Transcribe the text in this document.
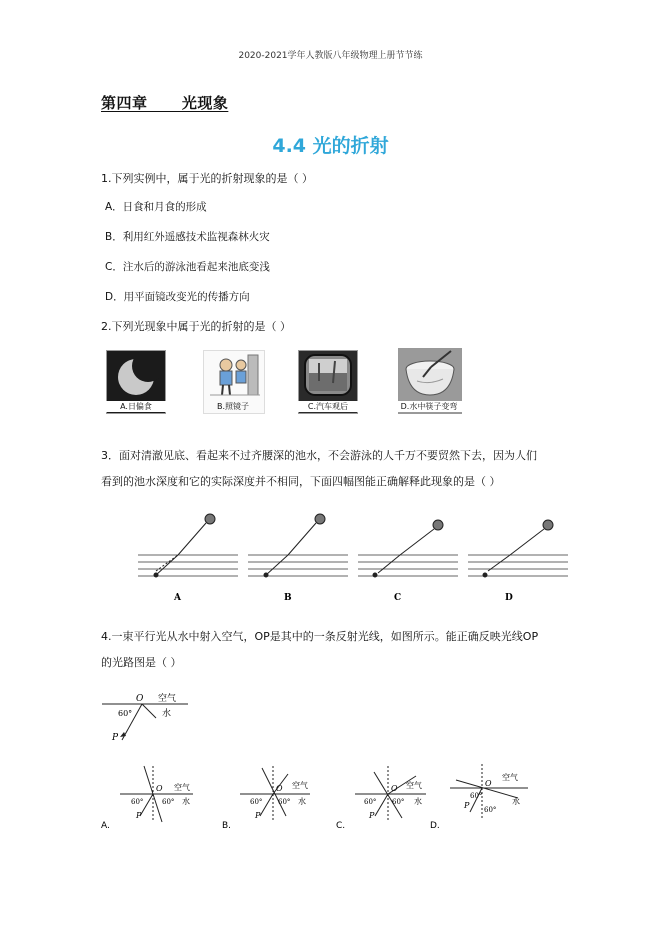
2020-2021学年人教版八年级物理上册节节练
第四章      光现象
4.4 光的折射
1.下列实例中，属于光的折射现象的是（ ）
A．日食和月食的形成
B．利用红外遥感技术监视森林火灾
C．注水后的游泳池看起来池底变浅
D．用平面镜改变光的传播方向
2.下列光现象中属于光的折射的是（ ）
A.日偏食	B.照镜子	C.汽车观后	D.水中筷子变弯
3．面对清澈见底、看起来不过齐腰深的池水，不会游泳的人千万不要贸然下去，因为人们
看到的池水深度和它的实际深度并不相同，下面四幅图能正确解释此现象的是（ ）
A	B	C	D
4.一束平行光从水中射入空气，OP是其中的一条反射光线，如图所示。能正确反映光线OP
的光路图是（ ）
O 空气
水
60°
P
O 空气
水
60°	60°
P
A.
O 空气
水
60° 60°
P
B.
O 空气
水
60° 60°
P
C.
O
空气
水
60°
60°
P
D.
